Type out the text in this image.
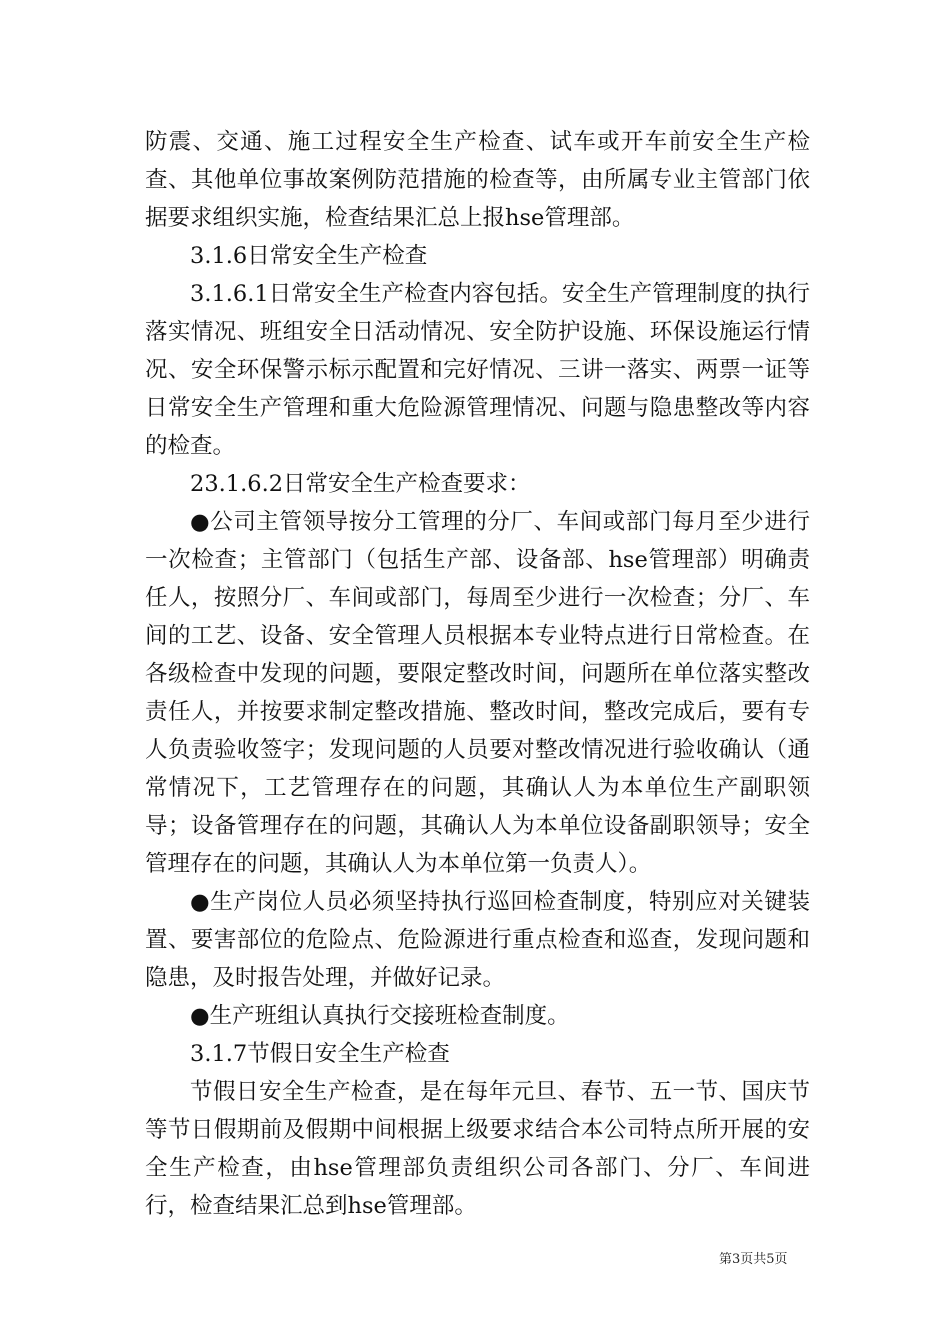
防震、交通、施工过程安全生产检查、试车或开车前安全生产检查、其他单位事故案例防范措施的检查等，由所属专业主管部门依据要求组织实施，检查结果汇总上报hse管理部。

3.1.6日常安全生产检查

3.1.6.1日常安全生产检查内容包括。安全生产管理制度的执行落实情况、班组安全日活动情况、安全防护设施、环保设施运行情况、安全环保警示标示配置和完好情况、三讲一落实、两票一证等日常安全生产管理和重大危险源管理情况、问题与隐患整改等内容的检查。

23.1.6.2日常安全生产检查要求：

●公司主管领导按分工管理的分厂、车间或部门每月至少进行一次检查；主管部门（包括生产部、设备部、hse管理部）明确责任人，按照分厂、车间或部门，每周至少进行一次检查；分厂、车间的工艺、设备、安全管理人员根据本专业特点进行日常检查。在各级检查中发现的问题，要限定整改时间，问题所在单位落实整改责任人，并按要求制定整改措施、整改时间，整改完成后，要有专人负责验收签字；发现问题的人员要对整改情况进行验收确认（通常情况下，工艺管理存在的问题，其确认人为本单位生产副职领导；设备管理存在的问题，其确认人为本单位设备副职领导；安全管理存在的问题，其确认人为本单位第一负责人）。

●生产岗位人员必须坚持执行巡回检查制度，特别应对关键装置、要害部位的危险点、危险源进行重点检查和巡查，发现问题和隐患，及时报告处理，并做好记录。

●生产班组认真执行交接班检查制度。

3.1.7节假日安全生产检查

节假日安全生产检查，是在每年元旦、春节、五一节、国庆节等节日假期前及假期中间根据上级要求结合本公司特点所开展的安全生产检查，由hse管理部负责组织公司各部门、分厂、车间进行，检查结果汇总到hse管理部。

第3页共5页
